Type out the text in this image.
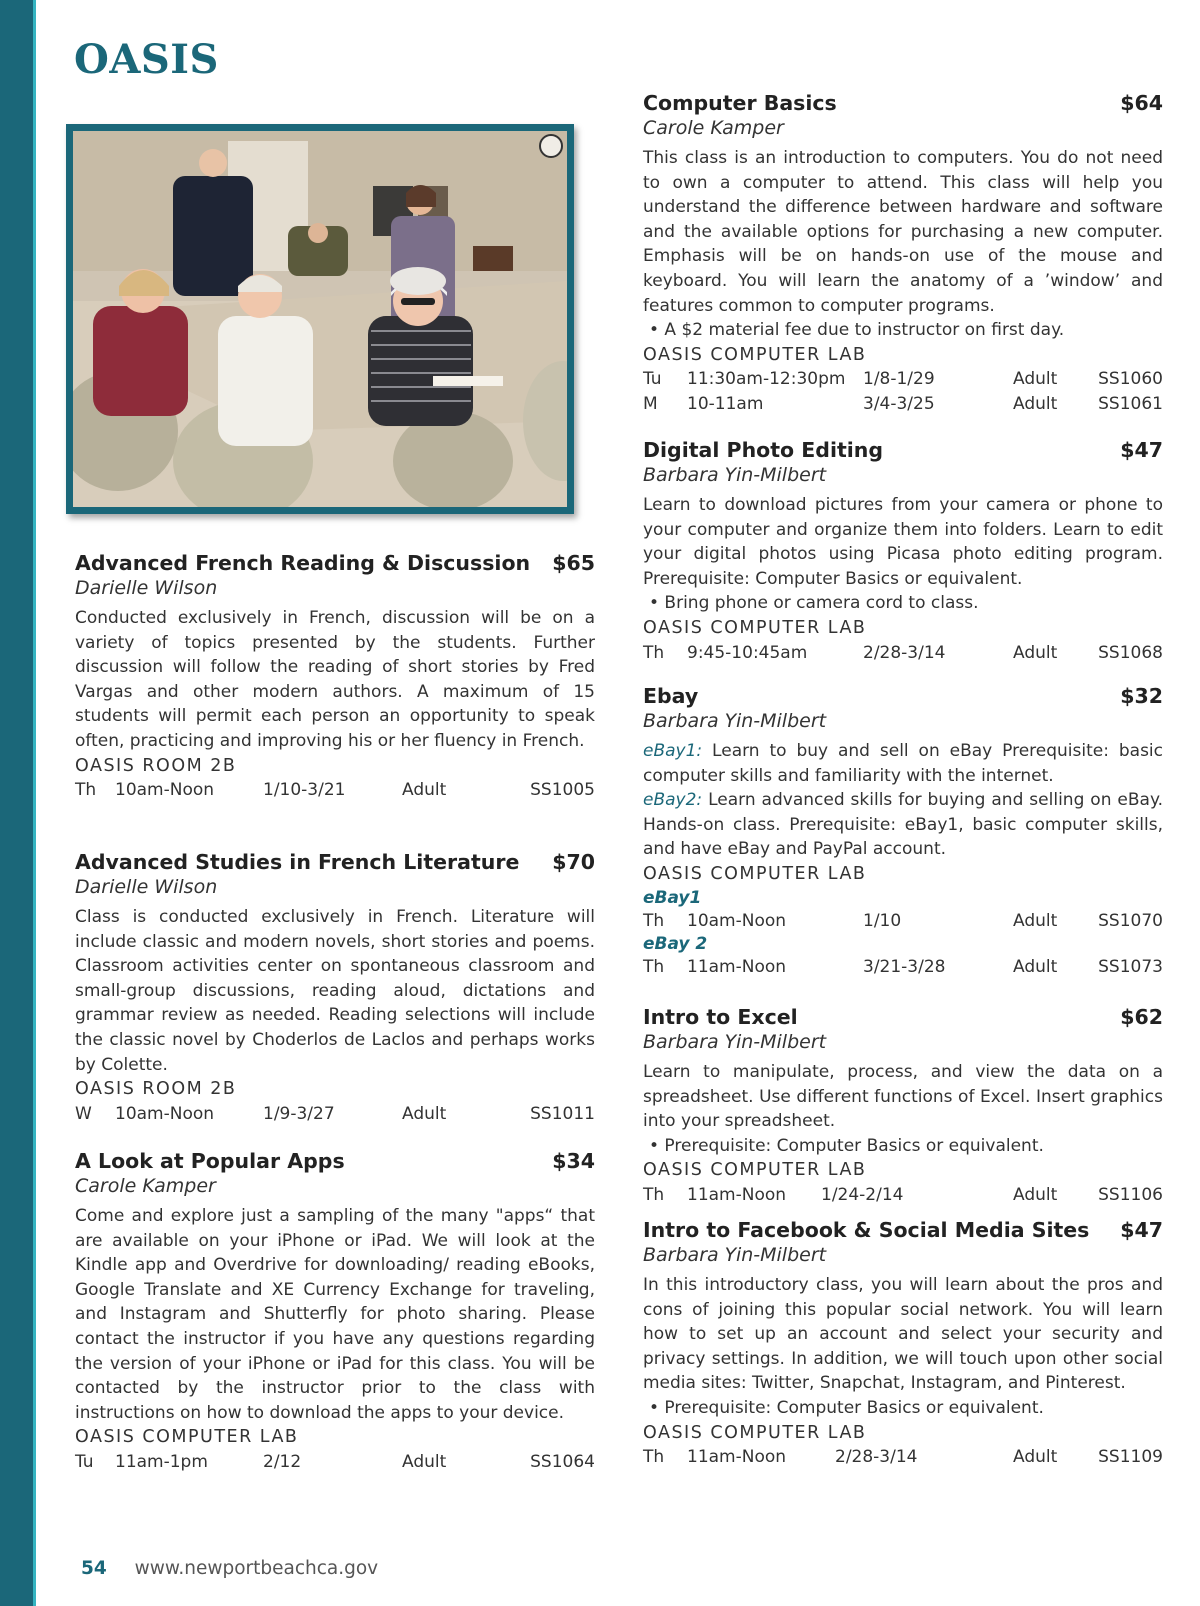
OASIS
Advanced French Reading & Discussion $65
Darielle Wilson
Conducted exclusively in French, discussion will be on a variety of topics presented by the students. Further discussion will follow the reading of short stories by Fred Vargas and other modern authors. A maximum of 15 students will permit each person an opportunity to speak often, practicing and improving his or her fluency in French.
OASIS ROOM 2B
Th 10am-Noon	1/10-3/21	Adult	SS1005
Advanced Studies in French Literature $70
Darielle Wilson
Class is conducted exclusively in French. Literature will include classic and modern novels, short stories and poems. Classroom activities center on spontaneous classroom and small-group discussions, reading aloud, dictations and grammar review as needed. Reading selections will include the classic novel by Choderlos de Laclos and perhaps works by Colette.
OASIS ROOM 2B
W 10am-Noon	1/9-3/27	Adult	SS1011
A Look at Popular Apps	$34
Carole Kamper
Come and explore just a sampling of the many "apps“ that are available on your iPhone or iPad. We will look at the Kindle app and Overdrive for downloading/ reading eBooks, Google Translate and XE Currency Exchange for traveling, and Instagram and Shutterfly for photo sharing. Please contact the instructor if you have any questions regarding the version of your iPhone or iPad for this class. You will be contacted by the instructor prior to the class with instructions on how to download the apps to your device.
OASIS COMPUTER LAB
Tu 11am-1pm	2/12	Adult	SS1064
Computer Basics	$64
Carole Kamper
This class is an introduction to computers. You do not need to own a computer to attend. This class will help you understand the difference between hardware and software and the available options for purchasing a new computer. Emphasis will be on hands-on use of the mouse and keyboard. You will learn the anatomy of a ’window’ and features common to computer programs.
• A $2 material fee due to instructor on first day.
OASIS COMPUTER LAB
Tu 11:30am-12:30pm 1/8-1/29	Adult SS1060
M 10-11am	3/4-3/25	Adult SS1061
Digital Photo Editing	$47
Barbara Yin-Milbert
Learn to download pictures from your camera or phone to your computer and organize them into folders. Learn to edit your digital photos using Picasa photo editing program. Prerequisite: Computer Basics or equivalent.
• Bring phone or camera cord to class.
OASIS COMPUTER LAB
Th 9:45-10:45am	2/28-3/14	Adult SS1068
Ebay	$32
Barbara Yin-Milbert
eBay1: Learn to buy and sell on eBay Prerequisite: basic computer skills and familiarity with the internet.
eBay2: Learn advanced skills for buying and selling on eBay. Hands-on class. Prerequisite: eBay1, basic computer skills, and have eBay and PayPal account.
OASIS COMPUTER LAB
eBay1
Th 10am-Noon	1/10	Adult SS1070
eBay 2
Th 11am-Noon	3/21-3/28	Adult SS1073
Intro to Excel	$62
Barbara Yin-Milbert
Learn to manipulate, process, and view the data on a spreadsheet. Use different functions of Excel. Insert graphics into your spreadsheet.
• Prerequisite: Computer Basics or equivalent.
OASIS COMPUTER LAB
Th 11am-Noon 1/24-2/14	Adult SS1106
Intro to Facebook & Social Media Sites $47
Barbara Yin-Milbert
In this introductory class, you will learn about the pros and cons of joining this popular social network. You will learn how to set up an account and select your security and privacy settings. In addition, we will touch upon other social media sites: Twitter, Snapchat, Instagram, and Pinterest.
• Prerequisite: Computer Basics or equivalent.
OASIS COMPUTER LAB
Th 11am-Noon	2/28-3/14	Adult SS1109
54 www.newportbeachca.gov
